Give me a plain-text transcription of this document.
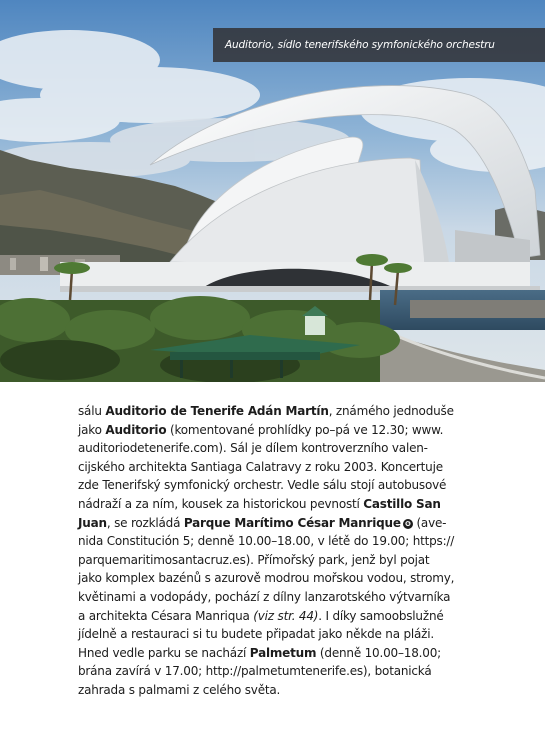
Auditorio, sídlo tenerifského symfonického orchestru
sálu Auditorio de Tenerife Adán Martín, známého jednoduše
jako Auditorio (komentované prohlídky po–pá ve 12.30; www.
auditoriodetenerife.com). Sál je dílem kontroverzního valen-
cijského architekta Santiaga Calatravy z roku 2003. Koncertuje
zde Tenerifský symfonický orchestr. Vedle sálu stojí autobusové
nádraží a za ním, kousek za historickou pevností Castillo San
Juan, se rozkládá Parque Marítimo César Manrique ❻ (ave-
nida Constitución 5; denně 10.00–18.00, v létě do 19.00; https://
parquemaritimosantacruz.es). Přímořský park, jenž byl pojat
jako komplex bazénů s azurově modrou mořskou vodou, stromy,
květinami a vodopády, pochází z dílny lanzarotského výtvarníka
a architekta Césara Manriqua (viz str. 44). I díky samoobslužné
jídelně a restauraci si tu budete připadat jako někde na pláži.
Hned vedle parku se nachází Palmetum (denně 10.00–18.00;
brána zavírá v 17.00; http://palmetumtenerife.es), botanická
zahrada s palmami z celého světa.
